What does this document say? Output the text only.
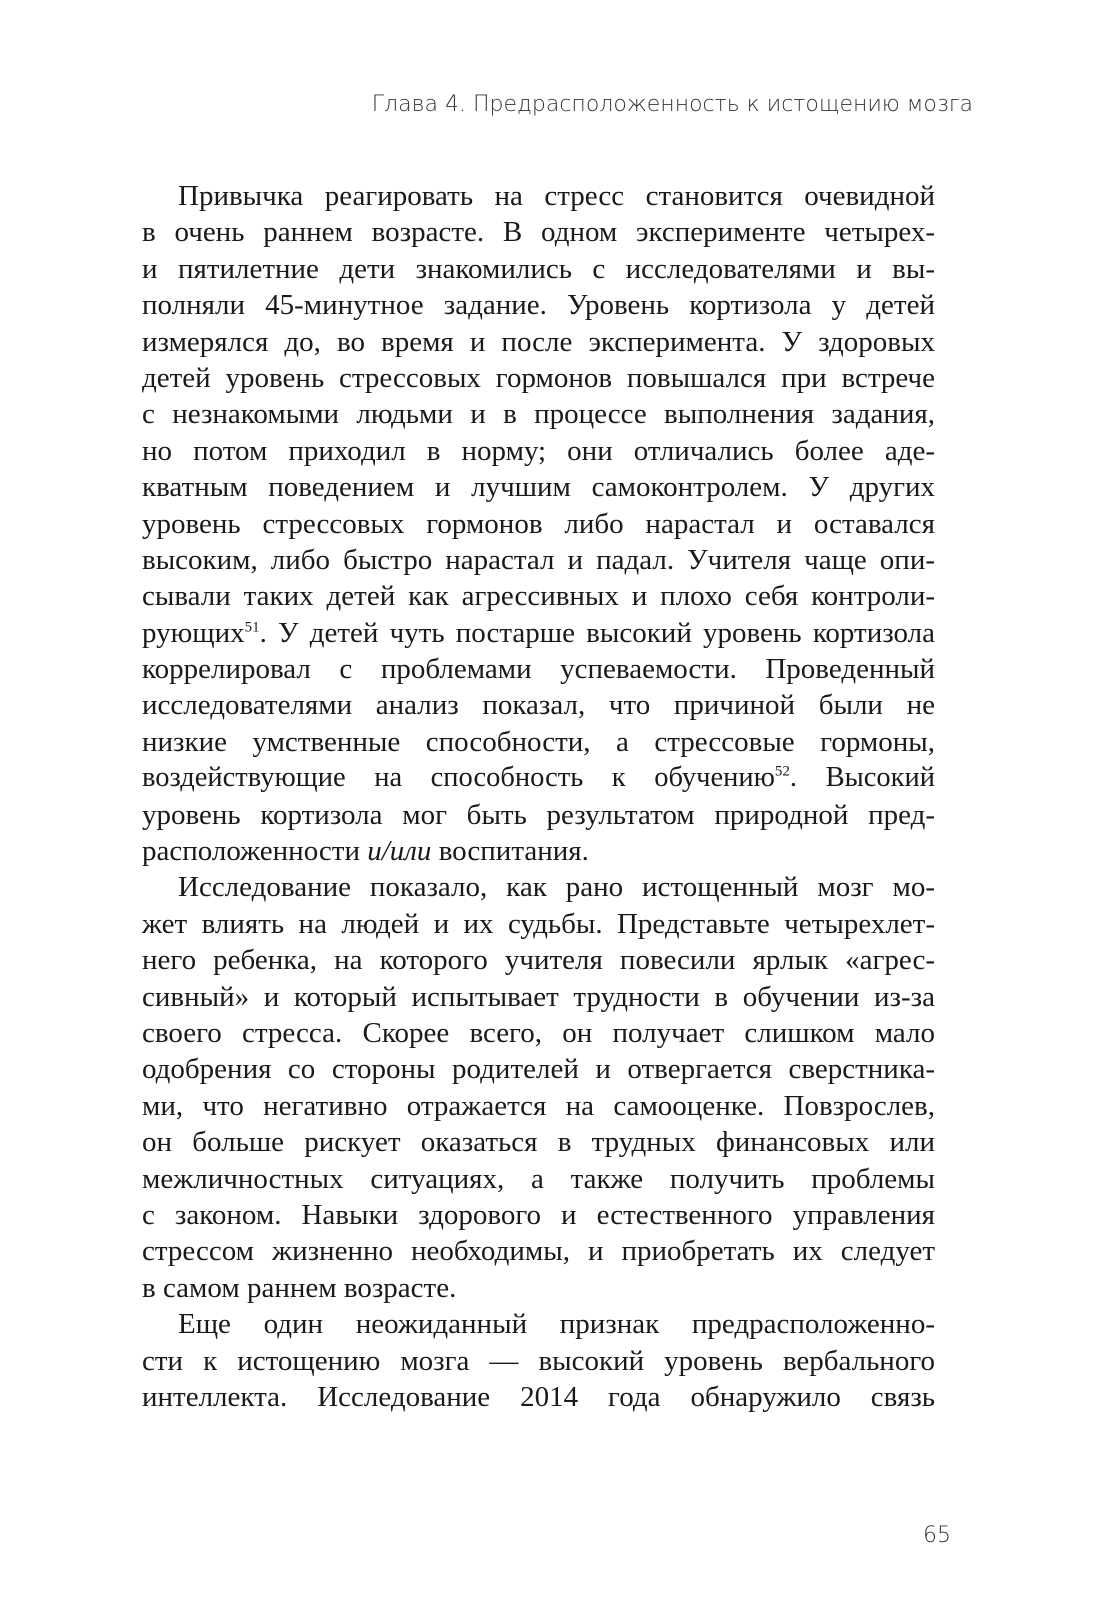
Глава 4. Предрасположенность к истощению мозга
Привычка реагировать на стресс становится очевидной
в очень раннем возрасте. В одном эксперименте четырех-
и пятилетние дети знакомились с исследователями и вы-
полняли 45-минутное задание. Уровень кортизола у детей
измерялся до, во время и после эксперимента. У здоровых
детей уровень стрессовых гормонов повышался при встрече
с незнакомыми людьми и в процессе выполнения задания,
но потом приходил в норму; они отличались более аде-
кватным поведением и лучшим самоконтролем. У других
уровень стрессовых гормонов либо нарастал и оставался
высоким, либо быстро нарастал и падал. Учителя чаще опи-
сывали таких детей как агрессивных и плохо себя контроли-
рующих$^{51}$. У детей чуть постарше высокий уровень кортизола
коррелировал с проблемами успеваемости. Проведенный
исследователями анализ показал, что причиной были не
низкие умственные способности, а стрессовые гормоны,
воздействующие на способность к обучению$^{52}$. Высокий
уровень кортизола мог быть результатом природной пред-
расположенности и/или воспитания.
Исследование показало, как рано истощенный мозг мо-
жет влиять на людей и их судьбы. Представьте четырехлет-
него ребенка, на которого учителя повесили ярлык «агрес-
сивный» и который испытывает трудности в обучении из-за
своего стресса. Скорее всего, он получает слишком мало
одобрения со стороны родителей и отвергается сверстника-
ми, что негативно отражается на самооценке. Повзрослев,
он больше рискует оказаться в трудных финансовых или
межличностных ситуациях, а также получить проблемы
с законом. Навыки здорового и естественного управления
стрессом жизненно необходимы, и приобретать их следует
в самом раннем возрасте.
Еще один неожиданный признак предрасположенно-
сти к истощению мозга — высокий уровень вербального
интеллекта. Исследование 2014 года обнаружило связь
65
